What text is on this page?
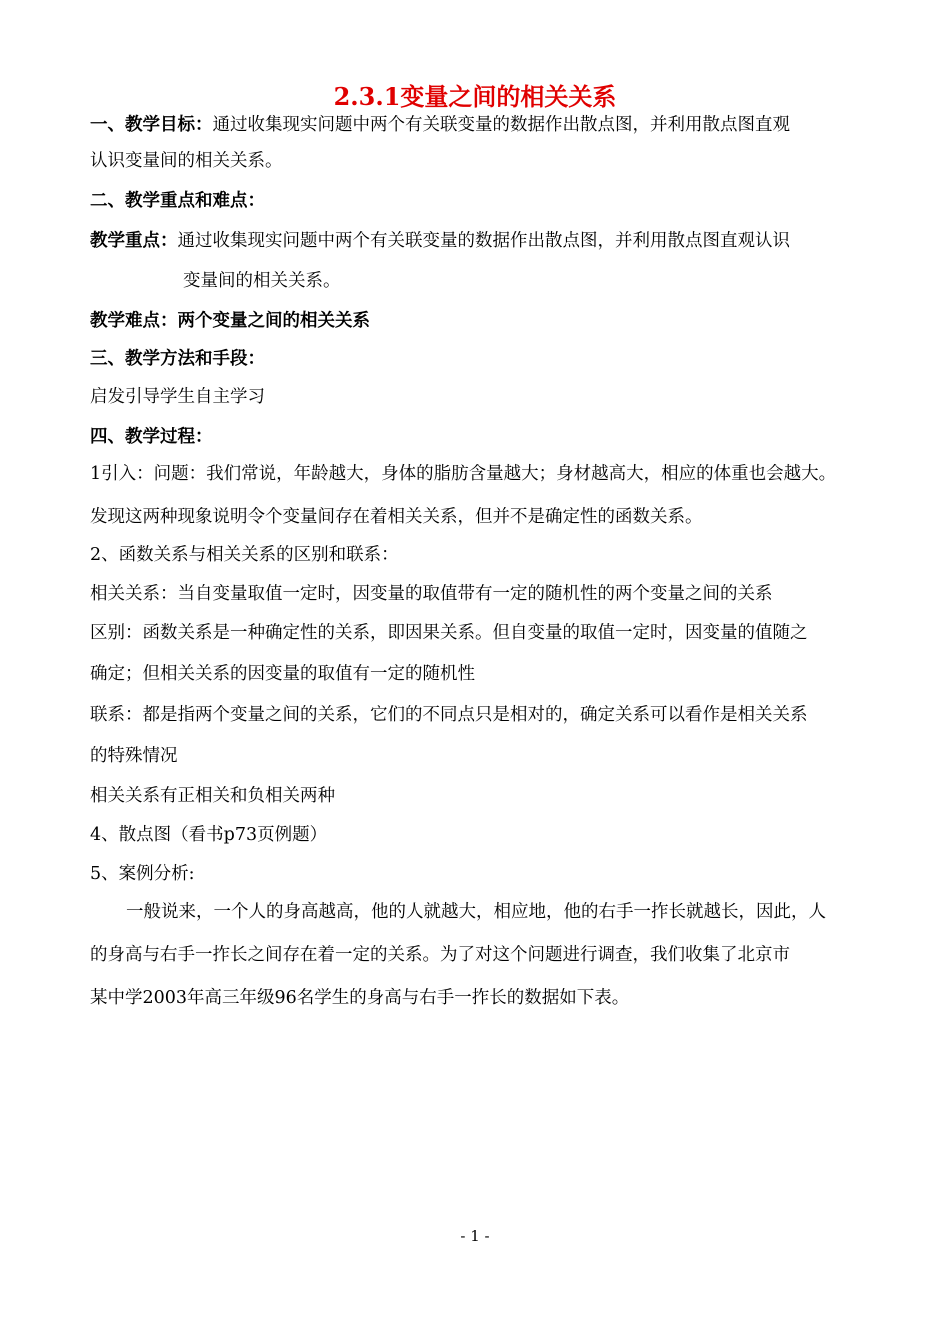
2.3.1变量之间的相关关系
一、教学目标：通过收集现实问题中两个有关联变量的数据作出散点图，并利用散点图直观
认识变量间的相关关系。
二、教学重点和难点：
教学重点：通过收集现实问题中两个有关联变量的数据作出散点图，并利用散点图直观认识
变量间的相关关系。
教学难点：两个变量之间的相关关系
三、教学方法和手段：
启发引导学生自主学习
四、教学过程：
1引入：问题：我们常说，年龄越大，身体的脂肪含量越大；身材越高大，相应的体重也会越大。
发现这两种现象说明令个变量间存在着相关关系，但并不是确定性的函数关系。
2、函数关系与相关关系的区别和联系：
相关关系：当自变量取值一定时，因变量的取值带有一定的随机性的两个变量之间的关系
区别：函数关系是一种确定性的关系，即因果关系。但自变量的取值一定时，因变量的值随之
确定；但相关关系的因变量的取值有一定的随机性
联系：都是指两个变量之间的关系，它们的不同点只是相对的，确定关系可以看作是相关关系
的特殊情况
相关关系有正相关和负相关两种
4、散点图（看书p73页例题）
5、案例分析:
一般说来，一个人的身高越高，他的人就越大，相应地，他的右手一拃长就越长，因此，人
的身高与右手一拃长之间存在着一定的关系。为了对这个问题进行调查，我们收集了北京市
某中学2003年高三年级96名学生的身高与右手一拃长的数据如下表。
- 1 -
